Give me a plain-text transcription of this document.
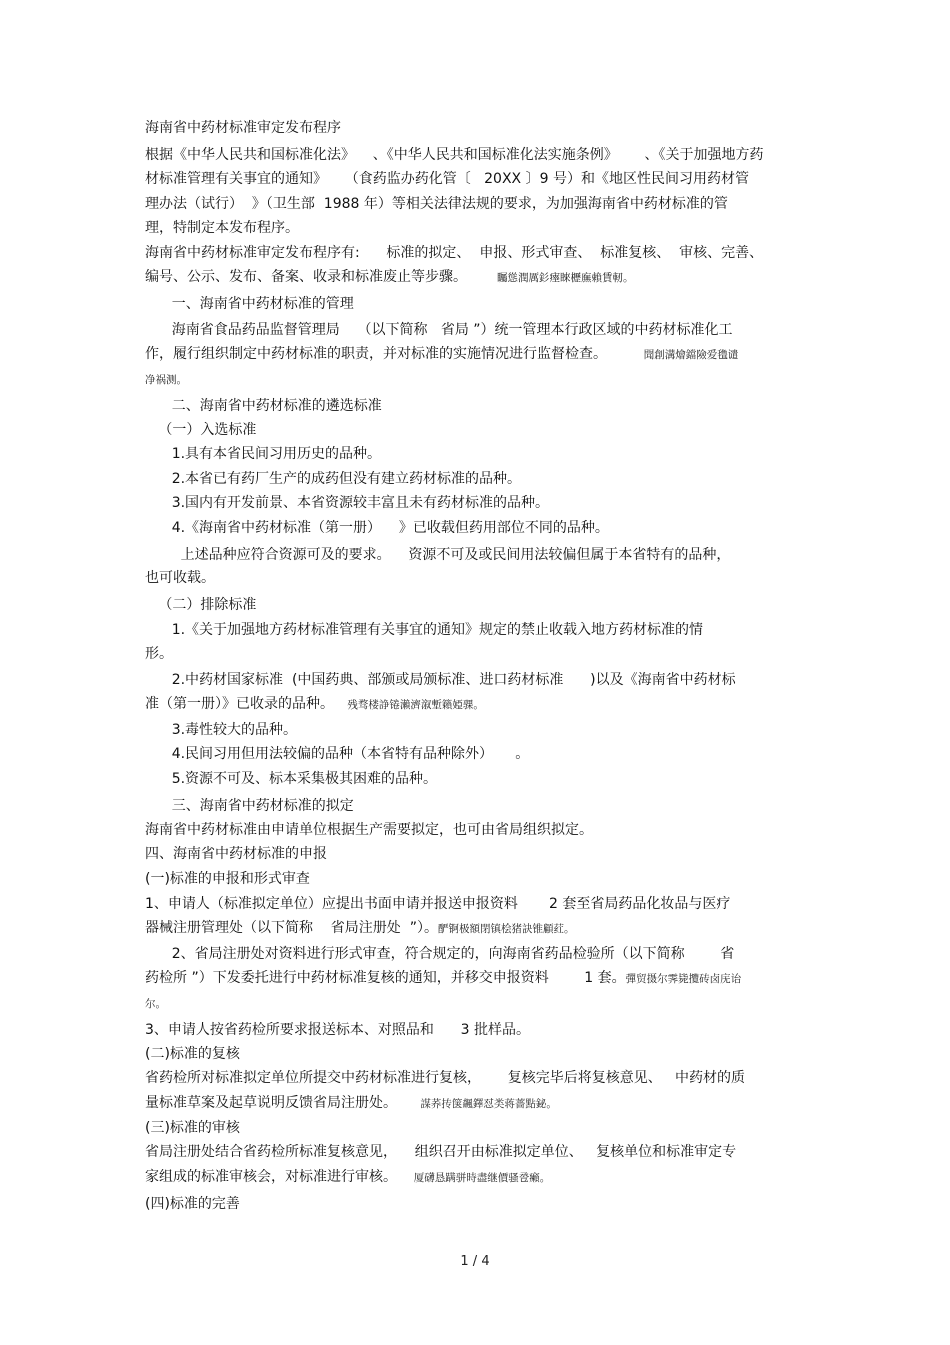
海南省中药材标准审定发布程序
根据《中华人民共和国标准化法》    、《中华人民共和国标准化法实施条例》      、《关于加强地方药
材标准管理有关事宜的通知》    （食药监办药化管〔   20XX 〕9 号）和《地区性民间习用药材管
理办法（试行）  》（卫生部  1988 年）等相关法律法规的要求，为加强海南省中药材标准的管
理，特制定本发布程序。
海南省中药材标准审定发布程序有:      标准的拟定、  申报、形式审查、  标准复核、  审核、完善、
编号、公示、发布、备案、收录和标准废止等步骤。         矚慫潤厲釤瘞睞櫪廡賴賃軔。
一、海南省中药材标准的管理
海南省食品药品监督管理局    （以下简称   省局 ”）统一管理本行政区域的中药材标准化工
作，履行组织制定中药材标准的职责，并对标准的实施情况进行监督检查。           聞創溝燴鐺險爱氇谴
净祸测。
二、海南省中药材标准的遴选标准
（一）入选标准
1.具有本省民间习用历史的品种。
2.本省已有药厂生产的成药但没有建立药材标准的品种。
3.国内有开发前景、本省资源较丰富且未有药材标准的品种。
4.《海南省中药材标准（第一册）    》已收载但药用部位不同的品种。
上述品种应符合资源可及的要求。    资源不可及或民间用法较偏但属于本省特有的品种，
也可收载。
（二）排除标准
1.《关于加强地方药材标准管理有关事宜的通知》规定的禁止收载入地方药材标准的情
形。
2.中药材国家标准  (中国药典、部颁或局颁标准、进口药材标准      )以及《海南省中药材标
准（第一册）》已收录的品种。    残骛楼諍锩瀨濟溆塹籟婭骒。
3.毒性较大的品种。
4.民间习用但用法较偏的品种（本省特有品种除外）     。
5.资源不可及、标本采集极其困难的品种。
三、海南省中药材标准的拟定
海南省中药材标准由申请单位根据生产需要拟定，也可由省局组织拟定。
四、海南省中药材标准的申报
(一)标准的申报和形式审查
1、申请人（标准拟定单位）应提出书面申请并报送申报资料       2 套至省局药品化妆品与医疗
器械注册管理处（以下简称    省局注册处  ”）。酽锕极額閉镇桧猪訣锥顧荭。
2、省局注册处对资料进行形式审查，符合规定的，向海南省药品检验所（以下简称        省
药检所 ”）下发委托进行中药材标准复核的通知，并移交申报资料        1 套。彈贸摄尔霁毙攬砖卤庑诒
尔。
3、申请人按省药检所要求报送标本、对照品和      3 批样品。
(二)标准的复核
省药检所对标准拟定单位所提交中药材标准进行复核，      复核完毕后将复核意见、   中药材的质
量标准草案及起草说明反馈省局注册处。       謀荞抟箧飆鐸怼类蒋薔點鉍。
(三)标准的审核
省局注册处结合省药检所标准复核意见，    组织召开由标准拟定单位、   复核单位和标准审定专
家组成的标准审核会，对标准进行审核。     厦礴恳蹒骈時盡继價骚卺癩。
(四)标准的完善
1 / 4
